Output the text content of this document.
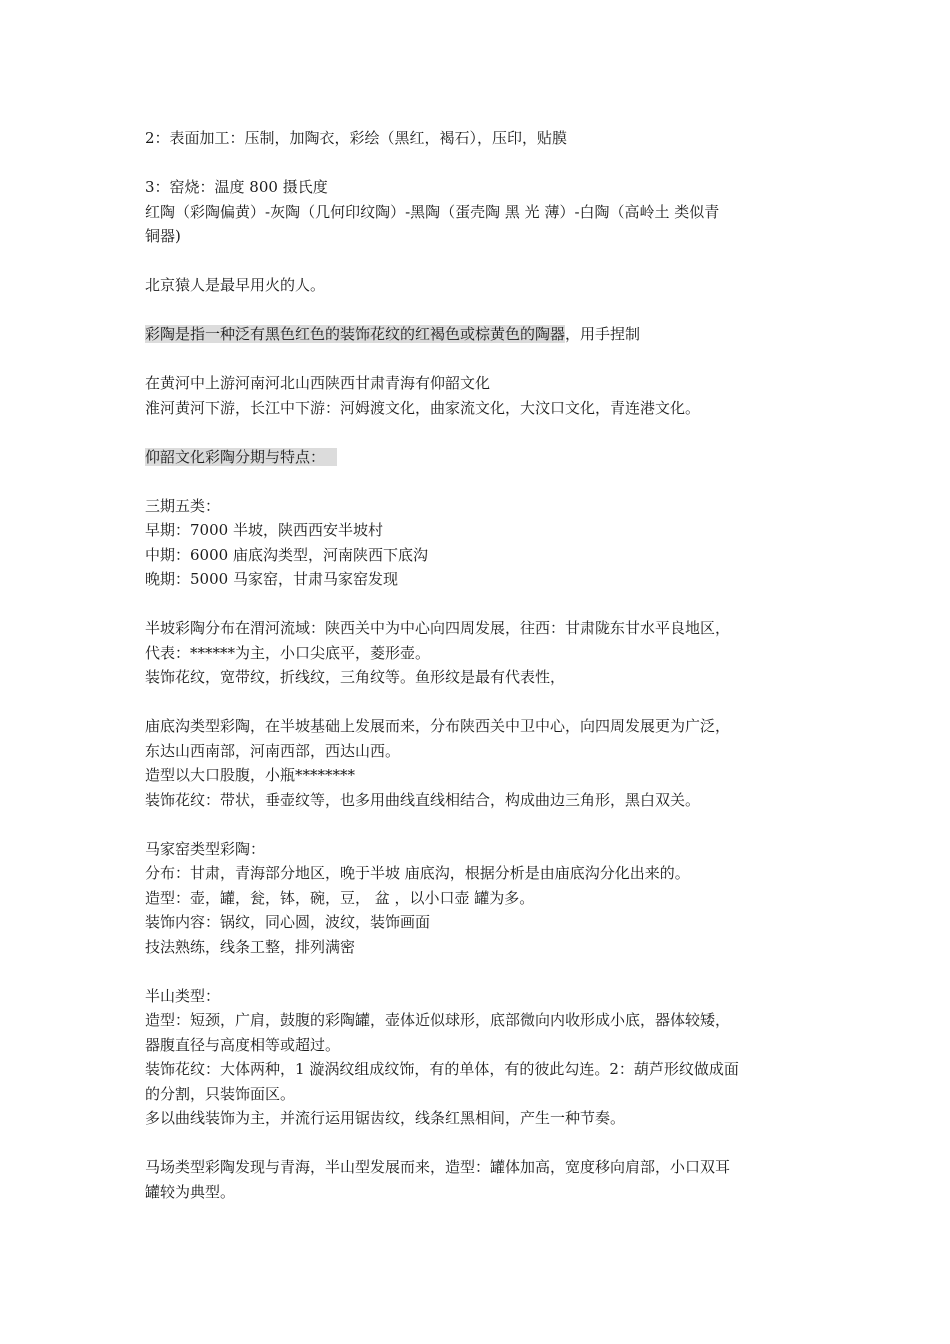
2：表面加工：压制，加陶衣，彩绘（黑红，褐石），压印，贴膜
3：窑烧：温度 800 摄氏度
红陶（彩陶偏黄）-灰陶（几何印纹陶）-黑陶（蛋壳陶 黑 光 薄）-白陶（高岭土 类似青
铜器)
北京猿人是最早用火的人。
彩陶是指一种泛有黑色红色的装饰花纹的红褐色或棕黄色的陶器，用手捏制
在黄河中上游河南河北山西陕西甘肃青海有仰韶文化
淮河黄河下游，长江中下游：河姆渡文化，曲家流文化，大汶口文化，青连港文化。
仰韶文化彩陶分期与特点：
三期五类：
早期：7000 半坡，陕西西安半坡村
中期：6000 庙底沟类型，河南陕西下底沟
晚期：5000 马家窑，甘肃马家窑发现
半坡彩陶分布在渭河流域：陕西关中为中心向四周发展，往西：甘肃陇东甘水平良地区，
代表：******为主，小口尖底平，菱形壶。
装饰花纹，宽带纹，折线纹，三角纹等。鱼形纹是最有代表性，
庙底沟类型彩陶，在半坡基础上发展而来，分布陕西关中卫中心，向四周发展更为广泛，
东达山西南部，河南西部，西达山西。
造型以大口股腹，小瓶********
装饰花纹：带状，垂壶纹等，也多用曲线直线相结合，构成曲边三角形，黑白双关。
马家窑类型彩陶：
分布：甘肃，青海部分地区，晚于半坡 庙底沟，根据分析是由庙底沟分化出来的。
造型：壶，罐，瓮，钵，碗，豆， 盆 ，以小口壶 罐为多。
装饰内容：锅纹，同心圆，波纹，装饰画面
技法熟练，线条工整，排列满密
半山类型：
造型：短颈，广肩，鼓腹的彩陶罐，壶体近似球形，底部微向内收形成小底，器体较矮，
器腹直径与高度相等或超过。
装饰花纹：大体两种，1 漩涡纹组成纹饰，有的单体，有的彼此勾连。2：葫芦形纹做成面
的分割，只装饰面区。
多以曲线装饰为主，并流行运用锯齿纹，线条红黑相间，产生一种节奏。
马场类型彩陶发现与青海，半山型发展而来，造型：罐体加高，宽度移向肩部，小口双耳
罐较为典型。
